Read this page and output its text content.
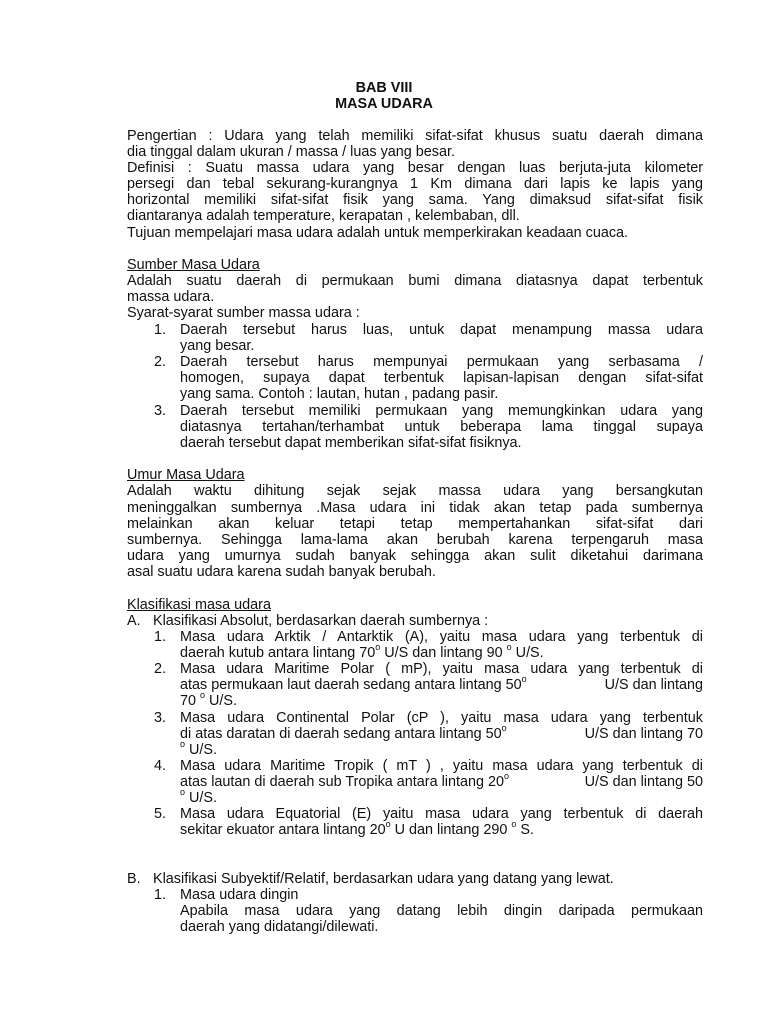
BAB VIII
MASA UDARA
Pengertian : Udara yang telah memiliki sifat-sifat khusus suatu daerah dimana
dia tinggal dalam ukuran / massa / luas yang besar.
Definisi : Suatu massa udara yang besar dengan luas berjuta-juta kilometer
persegi dan tebal sekurang-kurangnya 1 Km dimana dari lapis ke lapis yang
horizontal memiliki sifat-sifat fisik yang sama. Yang dimaksud sifat-sifat fisik
diantaranya adalah temperature, kerapatan , kelembaban, dll.
Tujuan mempelajari masa udara adalah untuk memperkirakan keadaan cuaca.
Sumber Masa Udara
Adalah suatu daerah di permukaan bumi dimana diatasnya dapat terbentuk
massa udara.
Syarat-syarat sumber massa udara :
1. Daerah tersebut harus luas, untuk dapat menampung massa udara
yang besar.
2. Daerah tersebut harus mempunyai permukaan yang serbasama /
homogen, supaya dapat terbentuk lapisan-lapisan dengan sifat-sifat
yang sama. Contoh : lautan, hutan , padang pasir.
3. Daerah tersebut memiliki permukaan yang memungkinkan udara yang
diatasnya tertahan/terhambat untuk beberapa lama tinggal supaya
daerah tersebut dapat memberikan sifat-sifat fisiknya.
Umur Masa Udara
Adalah waktu dihitung sejak sejak massa udara yang bersangkutan
meninggalkan sumbernya .Masa udara ini tidak akan tetap pada sumbernya
melainkan akan keluar tetapi tetap mempertahankan sifat-sifat dari
sumbernya. Sehingga lama-lama akan berubah karena terpengaruh masa
udara yang umurnya sudah banyak sehingga akan sulit diketahui darimana
asal suatu udara karena sudah banyak berubah.
Klasifikasi masa udara
A. Klasifikasi Absolut, berdasarkan daerah sumbernya :
1. Masa udara Arktik / Antarktik (A), yaitu masa udara yang terbentuk di
daerah kutub antara lintang 70$^o$ U/S dan lintang 90 $^o$ U/S.
2. Masa udara Maritime Polar ( mP), yaitu masa udara yang terbentuk di
atas permukaan laut daerah sedang antara lintang 50$^o$	U/S dan lintang
70 $^o$ U/S.
3. Masa udara Continental Polar (cP ), yaitu masa udara yang terbentuk
di atas daratan di daerah sedang antara lintang 50$^o$	U/S dan lintang 70
$^o$ U/S.
4. Masa udara Maritime Tropik ( mT ) , yaitu masa udara yang terbentuk di
atas lautan di daerah sub Tropika antara lintang 20$^o$	U/S dan lintang 50
$^o$ U/S.
5. Masa udara Equatorial (E) yaitu masa udara yang terbentuk di daerah
sekitar ekuator antara lintang 20$^o$ U dan lintang 290 $^o$ S.
B. Klasifikasi Subyektif/Relatif, berdasarkan udara yang datang yang lewat.
1. Masa udara dingin
Apabila masa udara yang datang lebih dingin daripada permukaan
daerah yang didatangi/dilewati.
